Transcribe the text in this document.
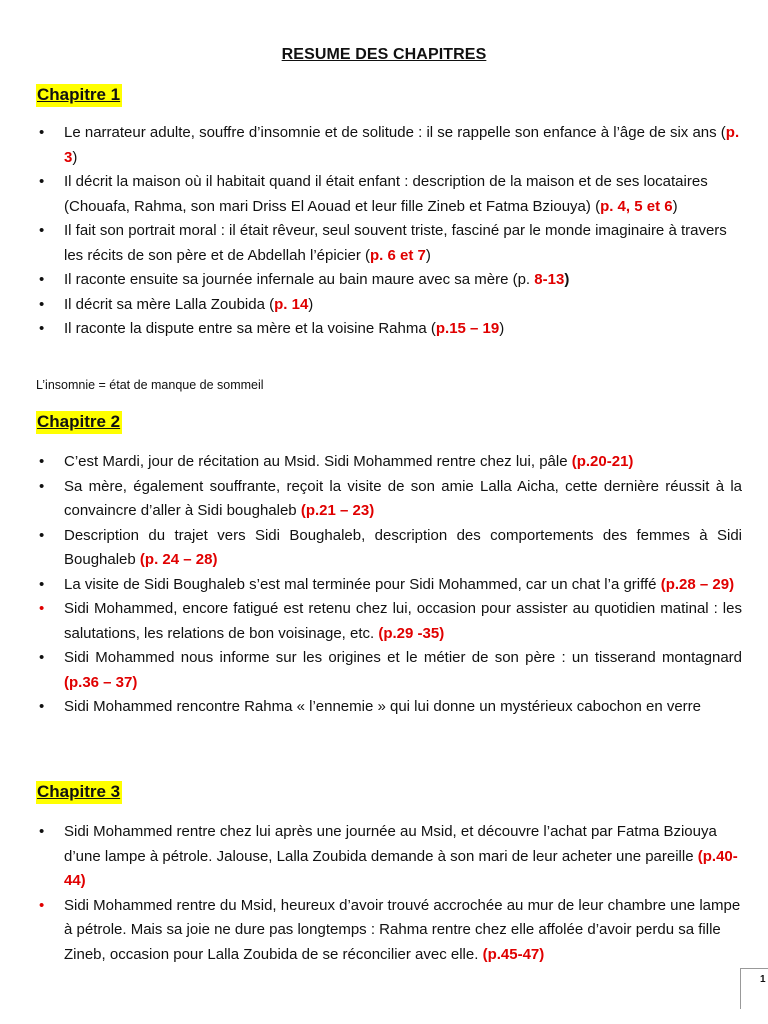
RESUME DES CHAPITRES
Chapitre 1
• Le narrateur adulte, souffre d’insomnie et de solitude : il se rappelle son enfance à l’âge de six ans (p. 3)
• Il décrit la maison où il habitait quand il était enfant : description de la maison et de ses locataires (Chouafa, Rahma, son mari Driss El Aouad et leur fille Zineb et Fatma Bziouya) (p. 4, 5 et 6)
• Il fait son portrait moral : il était rêveur, seul souvent triste, fasciné par le monde imaginaire à travers les récits de son père et de Abdellah l’épicier (p. 6 et 7)
• Il raconte ensuite sa journée infernale au bain maure avec sa mère (p. 8-13)
• Il décrit sa mère Lalla Zoubida (p. 14)
• Il raconte la dispute entre sa mère et la voisine Rahma (p.15 – 19)
L’insomnie = état de manque de sommeil
Chapitre 2
• C’est Mardi, jour de récitation au Msid. Sidi Mohammed rentre chez lui, pâle (p.20-21)
• Sa mère, également souffrante, reçoit la visite de son amie Lalla Aicha, cette dernière réussit à la convaincre d’aller à Sidi boughaleb (p.21 – 23)
• Description du trajet vers Sidi Boughaleb, description des comportements des femmes à Sidi Boughaleb (p. 24 – 28)
• La visite de Sidi Boughaleb s’est mal terminée pour Sidi Mohammed, car un chat l’a griffé (p.28 – 29)
• Sidi Mohammed, encore fatigué est retenu chez lui, occasion pour assister au quotidien matinal : les salutations, les relations de bon voisinage, etc. (p.29 -35)
• Sidi Mohammed nous informe sur les origines et le métier de son père : un tisserand montagnard (p.36 – 37)
• Sidi Mohammed rencontre Rahma « l’ennemie » qui lui donne un mystérieux cabochon en verre
Chapitre 3
• Sidi Mohammed rentre chez lui après une journée au Msid, et découvre l’achat par Fatma Bziouya d’une lampe à pétrole. Jalouse, Lalla Zoubida demande à son mari de leur acheter une pareille (p.40- 44)
• Sidi Mohammed rentre du Msid, heureux d’avoir trouvé accrochée au mur de leur chambre une lampe à pétrole. Mais sa joie ne dure pas longtemps : Rahma rentre chez elle affolée d’avoir perdu sa fille Zineb, occasion pour Lalla Zoubida de se réconcilier avec elle. (p.45-47)
1
